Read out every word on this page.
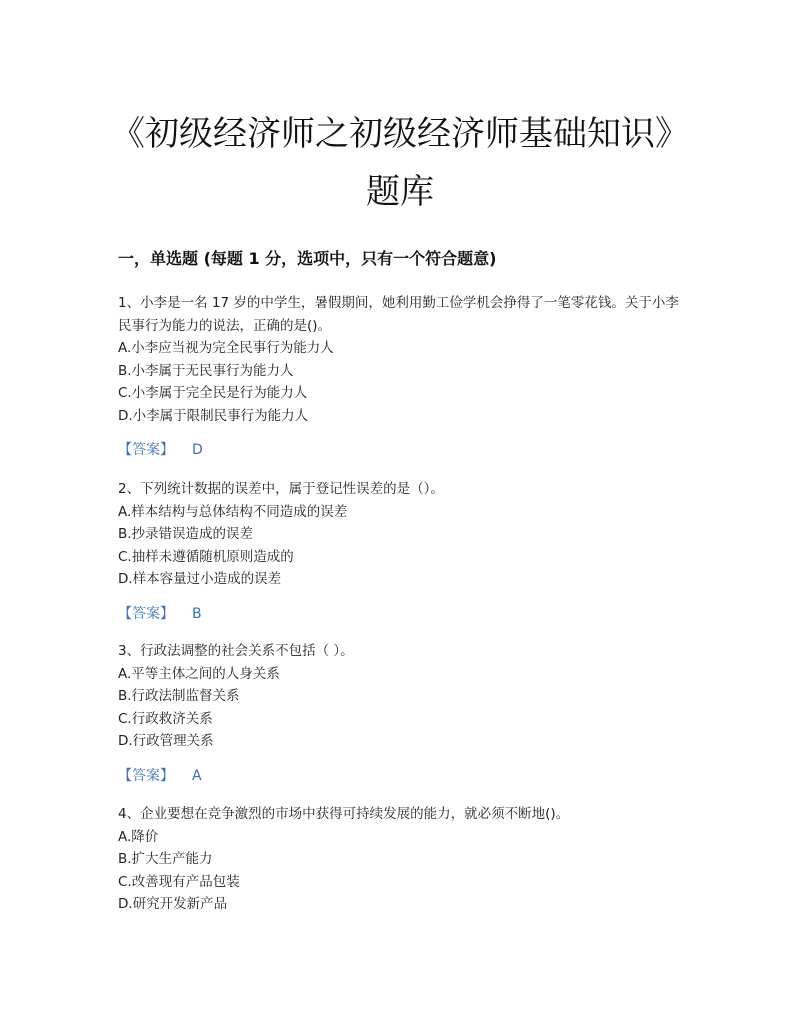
《初级经济师之初级经济师基础知识》题库
一，单选题 (每题 1 分，选项中，只有一个符合题意)

1、小李是一名 17 岁的中学生，暑假期间，她利用勤工俭学机会挣得了一笔零花钱。关于小李民事行为能力的说法，正确的是()。

A.小李应当视为完全民事行为能力人

B.小李属于无民事行为能力人

C.小李属于完全民是行为能力人

D.小李属于限制民事行为能力人

【答案】 D

2、下列统计数据的误差中，属于登记性误差的是（）。

A.样本结构与总体结构不同造成的误差

B.抄录错误造成的误差

C.抽样未遵循随机原则造成的

D.样本容量过小造成的误差

【答案】 B

3、行政法调整的社会关系不包括（ ）。

A.平等主体之间的人身关系

B.行政法制监督关系

C.行政救济关系

D.行政管理关系

【答案】 A

4、企业要想在竞争激烈的市场中获得可持续发展的能力，就必须不断地()。

A.降价

B.扩大生产能力

C.改善现有产品包装

D.研究开发新产品
